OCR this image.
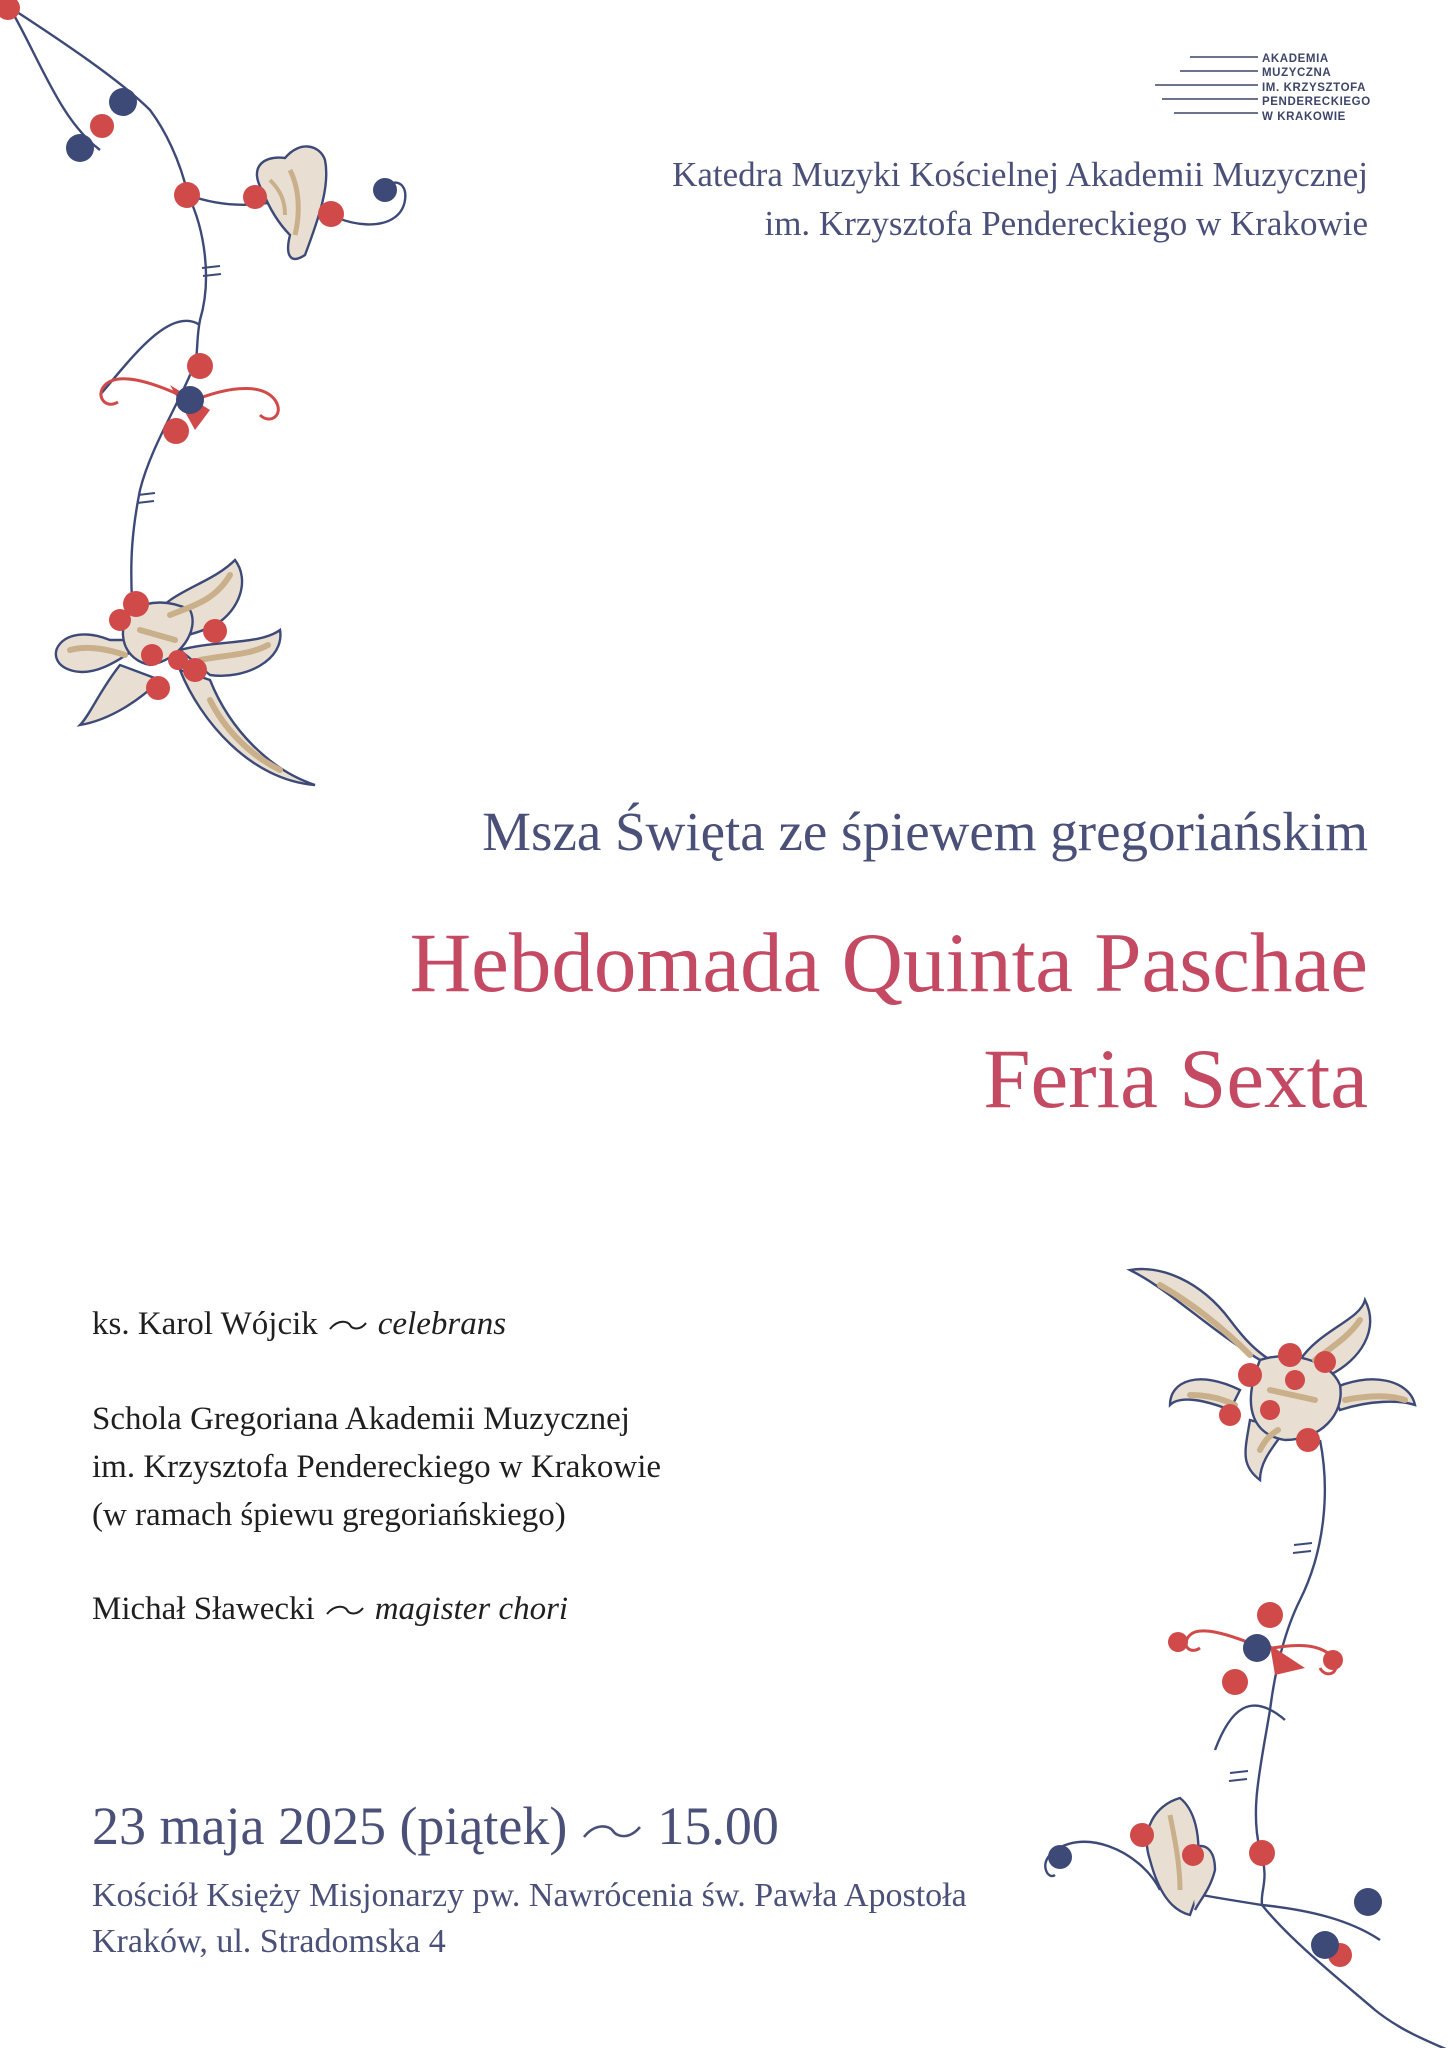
AKADEMIA
MUZYCZNA
IM. KRZYSZTOFA
PENDERECKIEGO
W KRAKOWIE
Katedra Muzyki Kościelnej Akademii Muzycznej
im. Krzysztofa Pendereckiego w Krakowie
Msza Święta ze śpiewem gregoriańskim
Hebdomada Quinta Paschae
Feria Sexta
ks. Karol Wójcik celebrans
Schola Gregoriana Akademii Muzycznej
im. Krzysztofa Pendereckiego w Krakowie
(w ramach śpiewu gregoriańskiego)
Michał Sławecki magister chori
23 maja 2025 (piątek) 15.00
Kościół Księży Misjonarzy pw. Nawrócenia św. Pawła Apostoła
Kraków, ul. Stradomska 4
